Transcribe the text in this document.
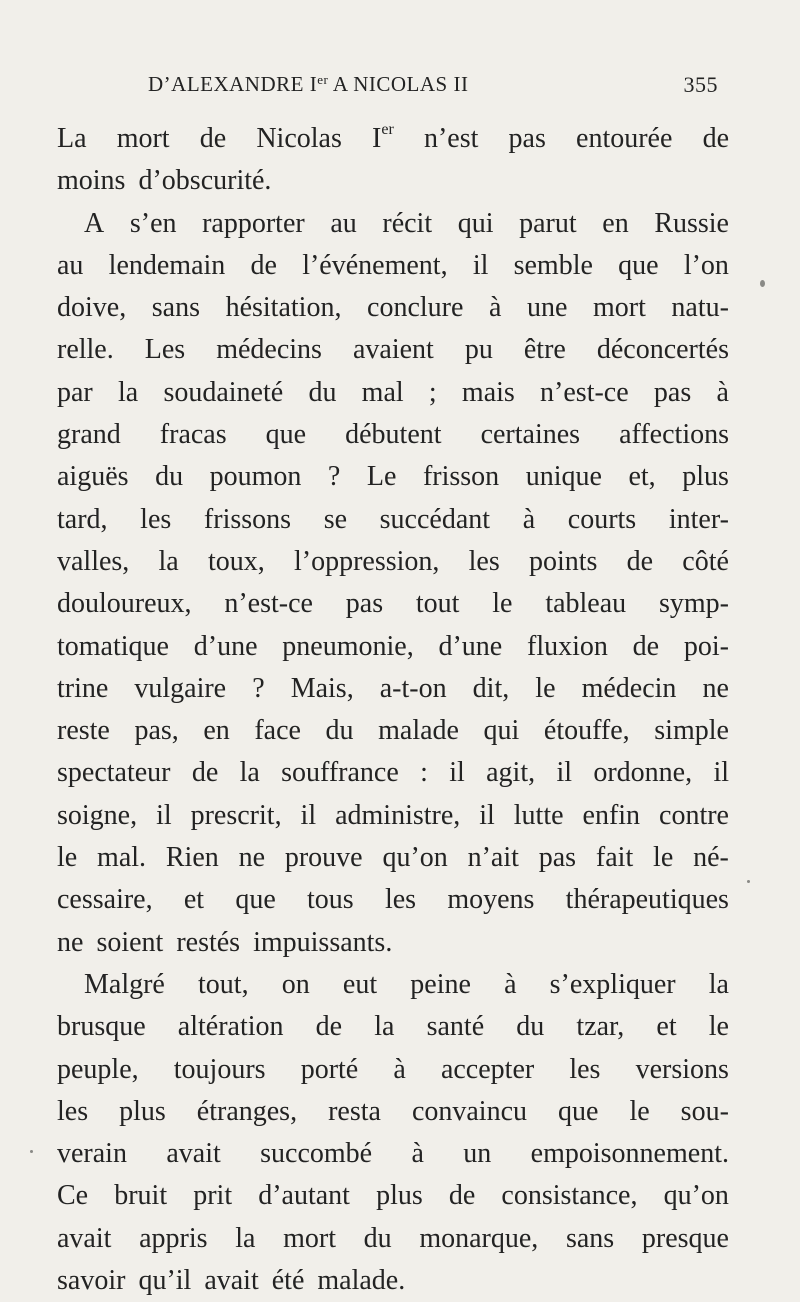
D’ALEXANDRE Ier A NICOLAS II	355
La mort de Nicolas Ier n’est pas entourée de
moins d’obscurité.
A s’en rapporter au récit qui parut en Russie
au lendemain de l’événement, il semble que l’on
doive, sans hésitation, conclure à une mort natu-
relle. Les médecins avaient pu être déconcertés
par la soudaineté du mal ; mais n’est-ce pas à
grand fracas que débutent certaines affections
aiguës du poumon ? Le frisson unique et, plus
tard, les frissons se succédant à courts inter-
valles, la toux, l’oppression, les points de côté
douloureux, n’est-ce pas tout le tableau symp-
tomatique d’une pneumonie, d’une fluxion de poi-
trine vulgaire ? Mais, a-t-on dit, le médecin ne
reste pas, en face du malade qui étouffe, simple
spectateur de la souffrance : il agit, il ordonne, il
soigne, il prescrit, il administre, il lutte enfin contre
le mal. Rien ne prouve qu’on n’ait pas fait le né-
cessaire, et que tous les moyens thérapeutiques
ne soient restés impuissants.
Malgré tout, on eut peine à s’expliquer la
brusque altération de la santé du tzar, et le
peuple, toujours porté à accepter les versions
les plus étranges, resta convaincu que le sou-
verain avait succombé à un empoisonnement.
Ce bruit prit d’autant plus de consistance, qu’on
avait appris la mort du monarque, sans presque
savoir qu’il avait été malade.
